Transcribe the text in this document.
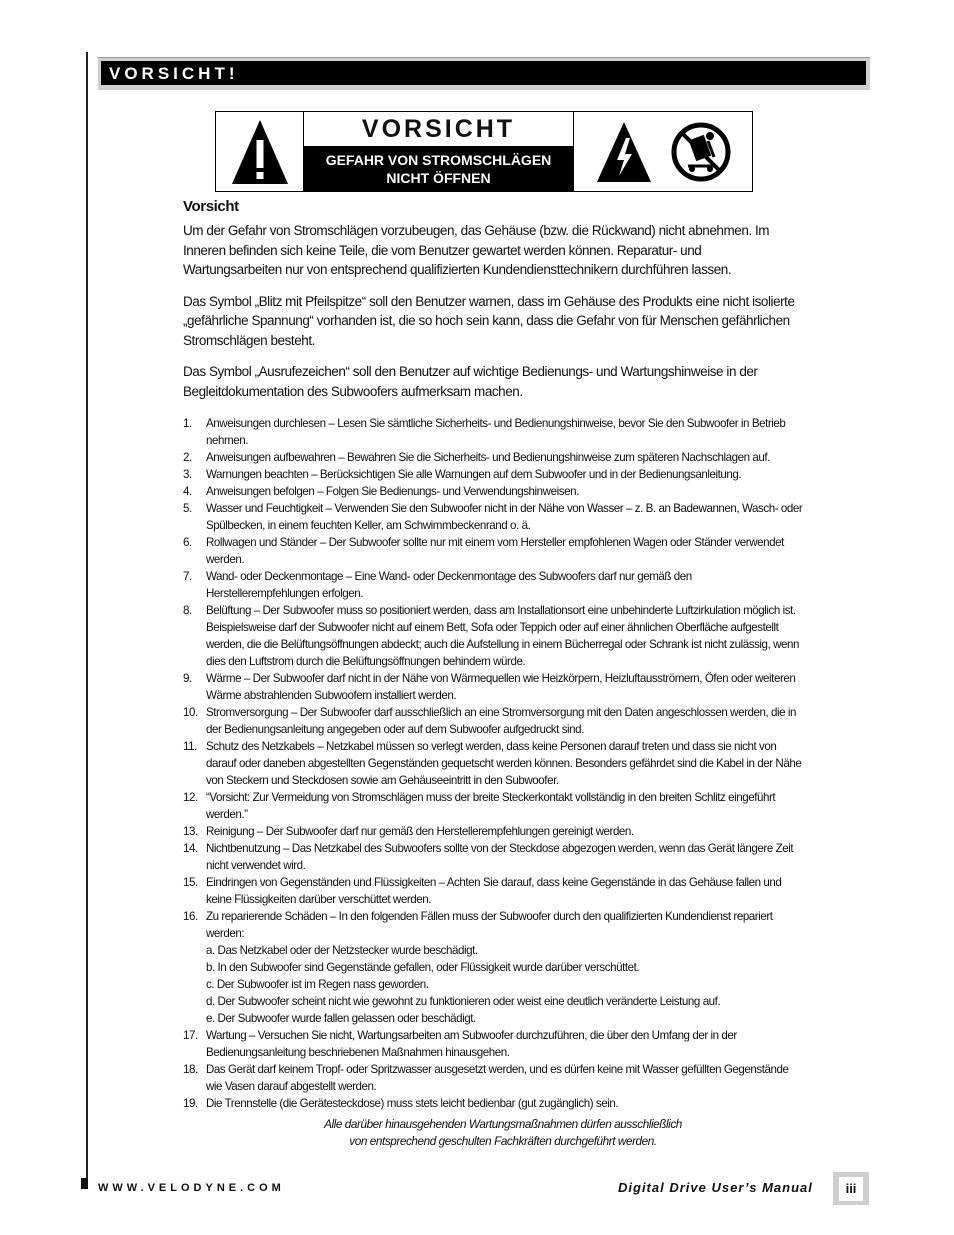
VORSICHT!
VORSICHT
GEFAHR VON STROMSCHLÄGEN
NICHT ÖFFNEN
Vorsicht

Um der Gefahr von Stromschlägen vorzubeugen, das Gehäuse (bzw. die Rückwand) nicht abnehmen. Im Inneren befinden sich keine Teile, die vom Benutzer gewartet werden können. Reparatur- und Wartungsarbeiten nur von entsprechend qualifizierten Kundendiensttechnikern durchführen lassen.

Das Symbol „Blitz mit Pfeilspitze“ soll den Benutzer warnen, dass im Gehäuse des Produkts eine nicht isolierte „gefährliche Spannung“ vorhanden ist, die so hoch sein kann, dass die Gefahr von für Menschen gefährlichen Stromschlägen besteht.

Das Symbol „Ausrufezeichen“ soll den Benutzer auf wichtige Bedienungs- und Wartungshinweise in der Begleitdokumentation des Subwoofers aufmerksam machen.

1. Anweisungen durchlesen – Lesen Sie sämtliche Sicherheits- und Bedienungshinweise, bevor Sie den Subwoofer in Betrieb nehmen.
2. Anweisungen aufbewahren – Bewahren Sie die Sicherheits- und Bedienungshinweise zum späteren Nachschlagen auf.
3. Warnungen beachten – Berücksichtigen Sie alle Warnungen auf dem Subwoofer und in der Bedienungsanleitung.
4. Anweisungen befolgen – Folgen Sie Bedienungs- und Verwendungshinweisen.
5. Wasser und Feuchtigkeit – Verwenden Sie den Subwoofer nicht in der Nähe von Wasser – z. B. an Badewannen, Wasch- oder Spülbecken, in einem feuchten Keller, am Schwimmbeckenrand o. ä.
6. Rollwagen und Ständer – Der Subwoofer sollte nur mit einem vom Hersteller empfohlenen Wagen oder Ständer verwendet werden.
7. Wand- oder Deckenmontage – Eine Wand- oder Deckenmontage des Subwoofers darf nur gemäß den Herstellerempfehlungen erfolgen.
8. Belüftung – Der Subwoofer muss so positioniert werden, dass am Installationsort eine unbehinderte Luftzirkulation möglich ist. Beispielsweise darf der Subwoofer nicht auf einem Bett, Sofa oder Teppich oder auf einer ähnlichen Oberfläche aufgestellt werden, die die Belüftungsöffnungen abdeckt; auch die Aufstellung in einem Bücherregal oder Schrank ist nicht zulässig, wenn dies den Luftstrom durch die Belüftungsöffnungen behindern würde.
9. Wärme – Der Subwoofer darf nicht in der Nähe von Wärmequellen wie Heizkörpern, Heizluftausströmern, Öfen oder weiteren Wärme abstrahlenden Subwoofern installiert werden.
10. Stromversorgung – Der Subwoofer darf ausschließlich an eine Stromversorgung mit den Daten angeschlossen werden, die in der Bedienungsanleitung angegeben oder auf dem Subwoofer aufgedruckt sind.
11. Schutz des Netzkabels – Netzkabel müssen so verlegt werden, dass keine Personen darauf treten und dass sie nicht von darauf oder daneben abgestellten Gegenständen gequetscht werden können. Besonders gefährdet sind die Kabel in der Nähe von Steckern und Steckdosen sowie am Gehäuseeintritt in den Subwoofer.
12. “Vorsicht: Zur Vermeidung von Stromschlägen muss der breite Steckerkontakt vollständig in den breiten Schlitz eingeführt werden.”
13. Reinigung – Der Subwoofer darf nur gemäß den Herstellerempfehlungen gereinigt werden.
14. Nichtbenutzung – Das Netzkabel des Subwoofers sollte von der Steckdose abgezogen werden, wenn das Gerät längere Zeit nicht verwendet wird.
15. Eindringen von Gegenständen und Flüssigkeiten – Achten Sie darauf, dass keine Gegenstände in das Gehäuse fallen und keine Flüssigkeiten darüber verschüttet werden.
16. Zu reparierende Schäden – In den folgenden Fällen muss der Subwoofer durch den qualifizierten Kundendienst repariert werden:
a. Das Netzkabel oder der Netzstecker wurde beschädigt.
b. In den Subwoofer sind Gegenstände gefallen, oder Flüssigkeit wurde darüber verschüttet.
c. Der Subwoofer ist im Regen nass geworden.
d. Der Subwoofer scheint nicht wie gewohnt zu funktionieren oder weist eine deutlich veränderte Leistung auf.
e. Der Subwoofer wurde fallen gelassen oder beschädigt.
17. Wartung – Versuchen Sie nicht, Wartungsarbeiten am Subwoofer durchzuführen, die über den Umfang der in der Bedienungsanleitung beschriebenen Maßnahmen hinausgehen.
18. Das Gerät darf keinem Tropf- oder Spritzwasser ausgesetzt werden, und es dürfen keine mit Wasser gefüllten Gegenstände wie Vasen darauf abgestellt werden.
19. Die Trennstelle (die Gerätesteckdose) muss stets leicht bedienbar (gut zugänglich) sein.
Alle darüber hinausgehenden Wartungsmaßnahmen dürfen ausschließlich
von entsprechend geschulten Fachkräften durchgeführt werden.
WWW.VELODYNE.COM	Digital Drive User’s Manual	iii
